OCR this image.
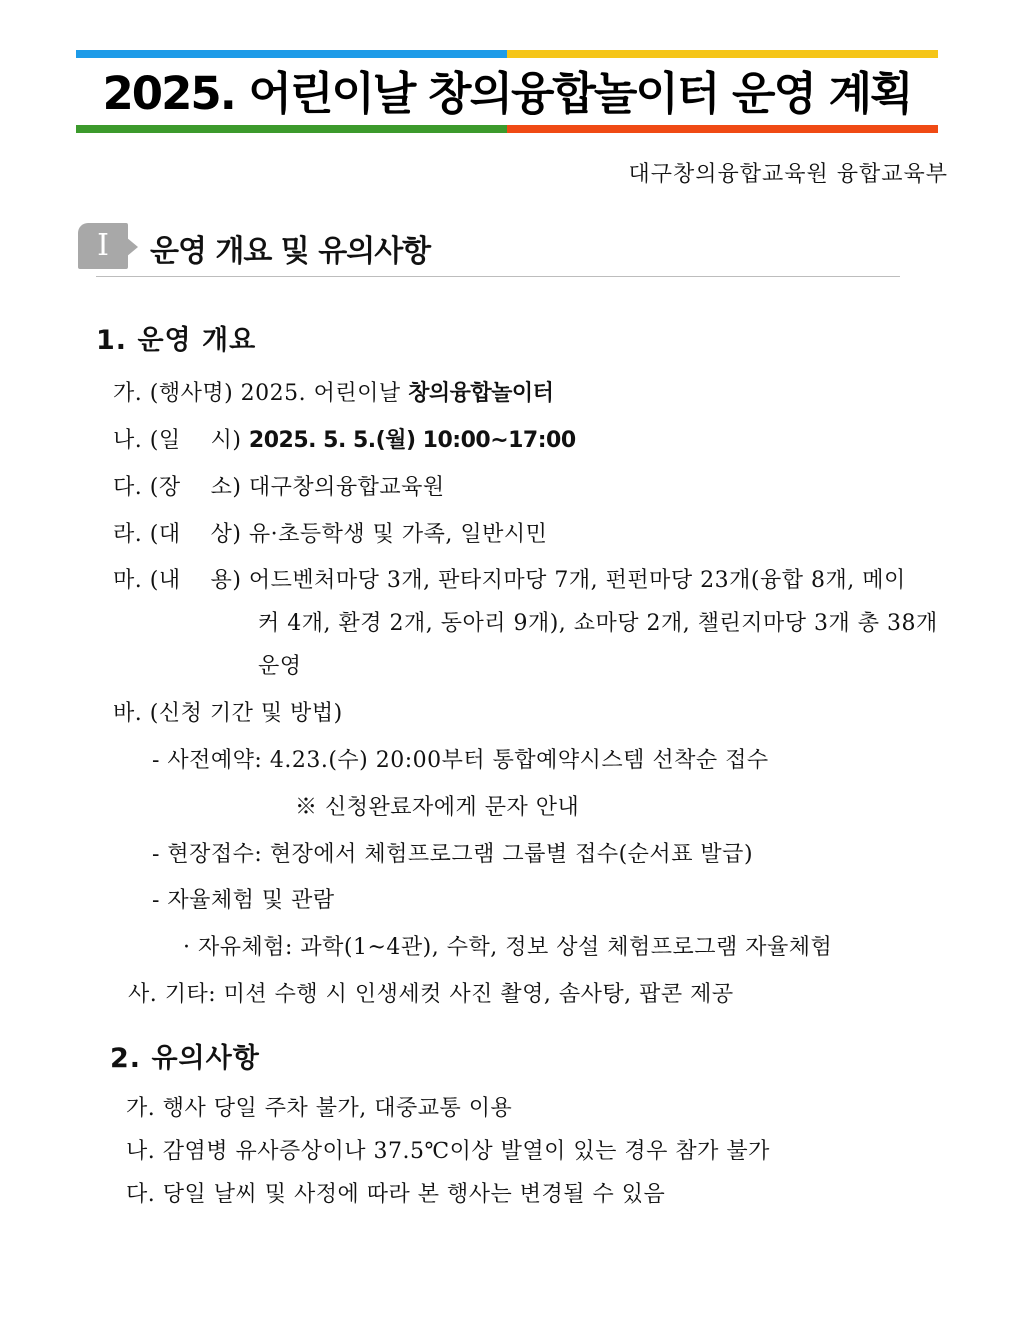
2025. 어린이날 창의융합놀이터 운영 계획
대구창의융합교육원 융합교육부
I	운영 개요 및 유의사항
1. 운영 개요
가. (행사명) 2025. 어린이날 창의융합놀이터
나. (일　 시) 2025. 5. 5.(월) 10:00~17:00
다. (장　 소) 대구창의융합교육원
라. (대　 상) 유·초등학생 및 가족, 일반시민
마. (내　 용) 어드벤처마당 3개, 판타지마당 7개, 펀펀마당 23개(융합 8개, 메이
커 4개, 환경 2개, 동아리 9개), 쇼마당 2개, 챌린지마당 3개 총 38개
운영
바. (신청 기간 및 방법)
- 사전예약: 4.23.(수) 20:00부터 통합예약시스템 선착순 접수
※ 신청완료자에게 문자 안내
- 현장접수: 현장에서 체험프로그램 그룹별 접수(순서표 발급)
- 자율체험 및 관람
· 자유체험: 과학(1~4관), 수학, 정보 상설 체험프로그램 자율체험
사. 기타: 미션 수행 시 인생세컷 사진 촬영, 솜사탕, 팝콘 제공
2. 유의사항
가. 행사 당일 주차 불가, 대중교통 이용
나. 감염병 유사증상이나 37.5℃이상 발열이 있는 경우 참가 불가
다. 당일 날씨 및 사정에 따라 본 행사는 변경될 수 있음
